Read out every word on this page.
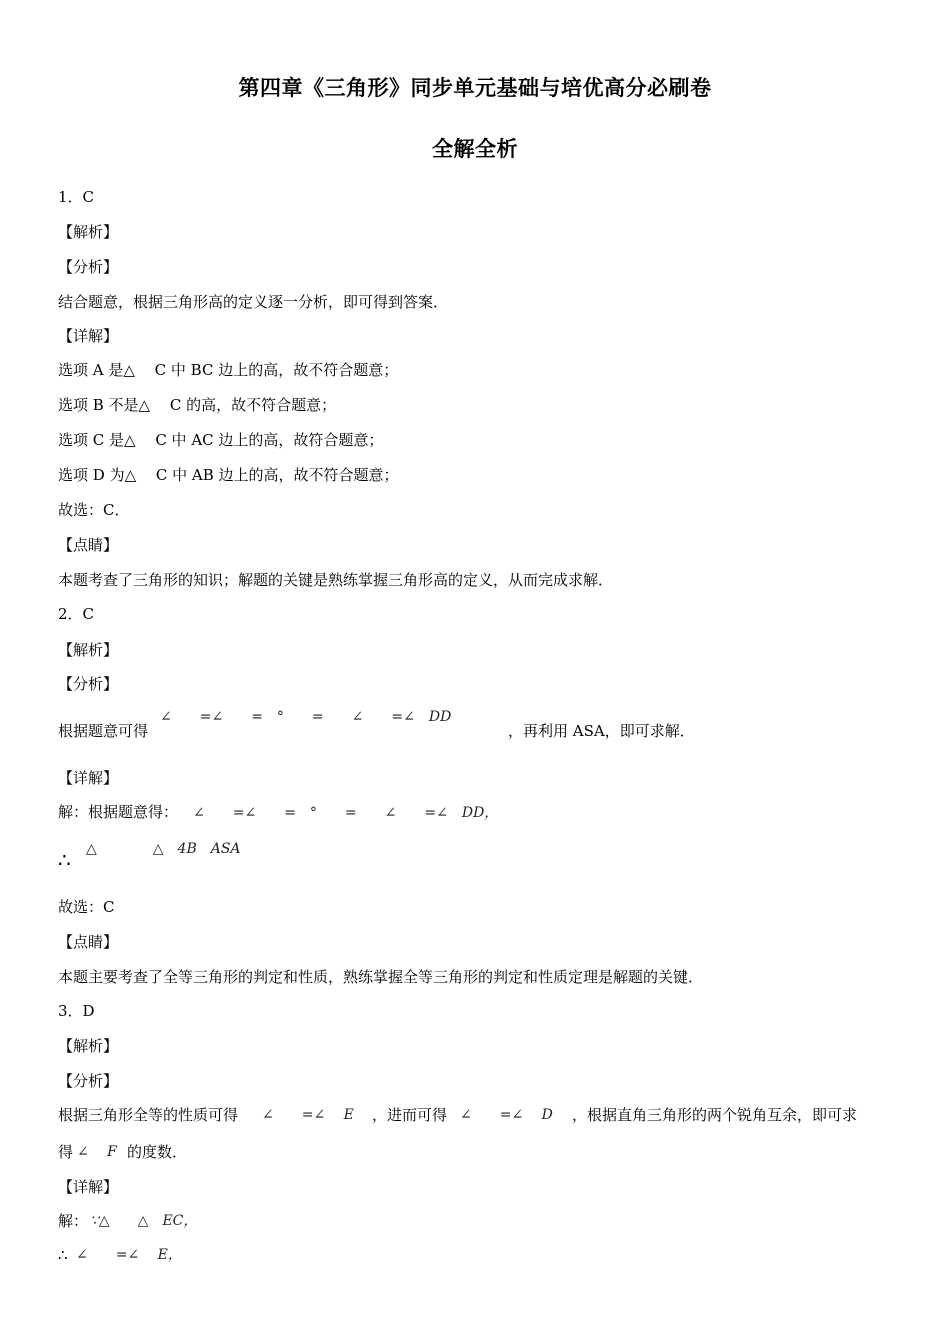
第四章《三角形》同步单元基础与培优高分必刷卷
全解全析
1．C
【解析】
【分析】
结合题意，根据三角形高的定义逐一分析，即可得到答案．
【详解】
选项 A 是△　 C 中 BC 边上的高，故不符合题意；
选项 B 不是△　 C 的高，故不符合题意；
选项 C 是△　 C 中 AC 边上的高，故符合题意；
选项 D 为△　 C 中 AB 边上的高，故不符合题意；
故选：C．
【点睛】
本题考查了三角形的知识；解题的关键是熟练掌握三角形高的定义，从而完成求解．
2．C
【解析】
【分析】
∠　　=∠　　=　°　　=　　∠　　=∠　DD
根据题意可得	，再利用 ASA，即可求解．
【详解】
解：根据题意得： ∠　　=∠　　=　°　　=　　∠　　=∠　DD，
∴ △　　　　△　4B　ASA
故选：C
【点睛】
本题主要考查了全等三角形的判定和性质，熟练掌握全等三角形的判定和性质定理是解题的关键．
3．D
【解析】
【分析】
根据三角形全等的性质可得 ∠　　=∠　 E ，进而可得 ∠　　=∠　 D ，根据直角三角形的两个锐角互余，即可求
得 ∠　 F 的度数．
【详解】
解： ∵△　　△　EC，
∴ ∠　　=∠　 E，
